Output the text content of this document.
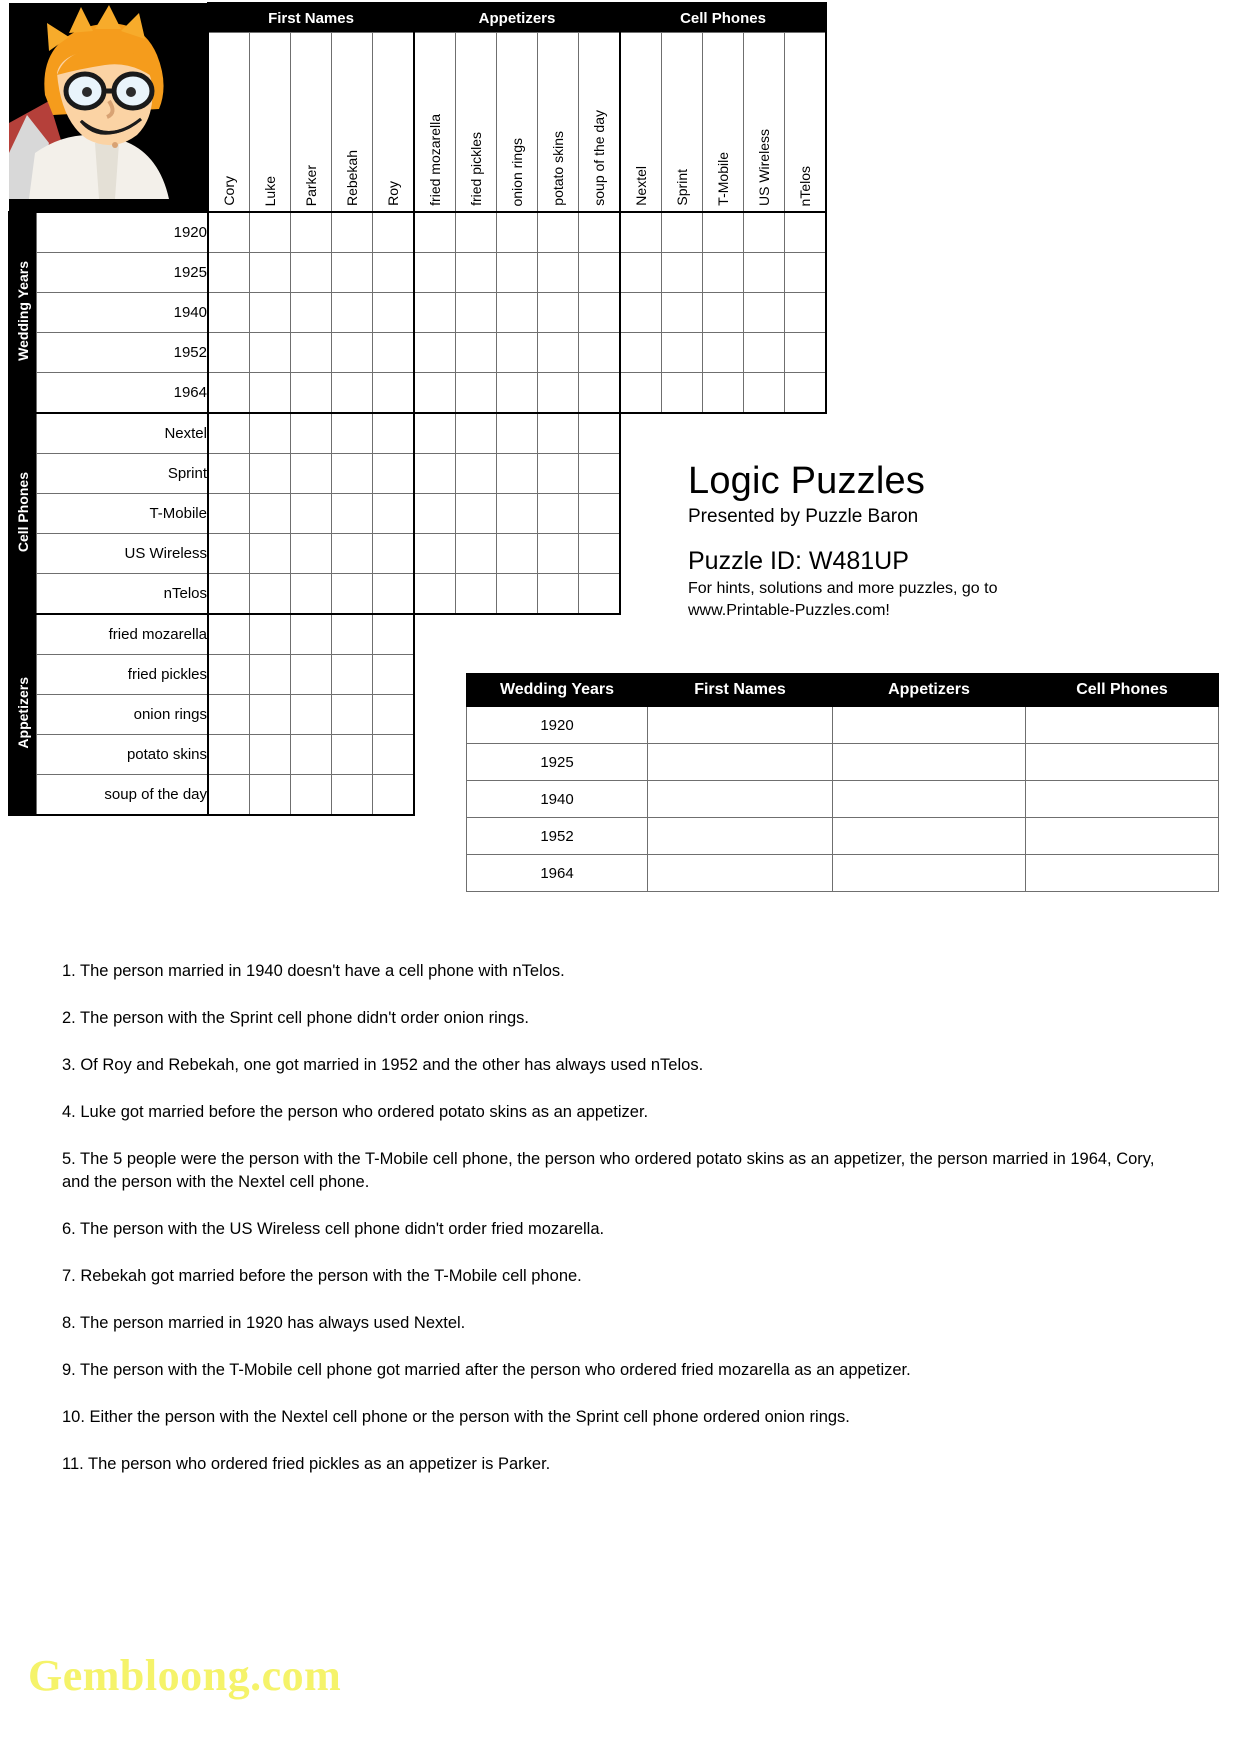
	First Names					Appetizers					Cell Phones				
		Cory	Luke	Parker	Rebekah	Roy	fried mozarella	fried pickles	onion rings	potato skins	soup of the day	Nextel	Sprint	T-Mobile	US Wireless	nTelos
Wedding Years	1920															
	1925															
	1940															
	1952															
	1964															
Cell Phones	Nextel															
	Sprint															
	T-Mobile															
	US Wireless															
	nTelos															
Appetizers	fried mozarella															
	fried pickles															
	onion rings															
	potato skins															
	soup of the day															
Logic Puzzles
Presented by Puzzle Baron
Puzzle ID: W481UP
For hints, solutions and more puzzles, go to
www.Printable-Puzzles.com!
Wedding Years	First Names	Appetizers	Cell Phones
1920			
1925			
1940			
1952			
1964			
1. The person married in 1940 doesn't have a cell phone with nTelos.
2. The person with the Sprint cell phone didn't order onion rings.
3. Of Roy and Rebekah, one got married in 1952 and the other has always used nTelos.
4. Luke got married before the person who ordered potato skins as an appetizer.
5. The 5 people were the person with the T-Mobile cell phone, the person who ordered potato skins as an appetizer, the person married in 1964, Cory, and the person with the Nextel cell phone.
6. The person with the US Wireless cell phone didn't order fried mozarella.
7. Rebekah got married before the person with the T-Mobile cell phone.
8. The person married in 1920 has always used Nextel.
9. The person with the T-Mobile cell phone got married after the person who ordered fried mozarella as an appetizer.
10. Either the person with the Nextel cell phone or the person with the Sprint cell phone ordered onion rings.
11. The person who ordered fried pickles as an appetizer is Parker.
Gembloong.com
